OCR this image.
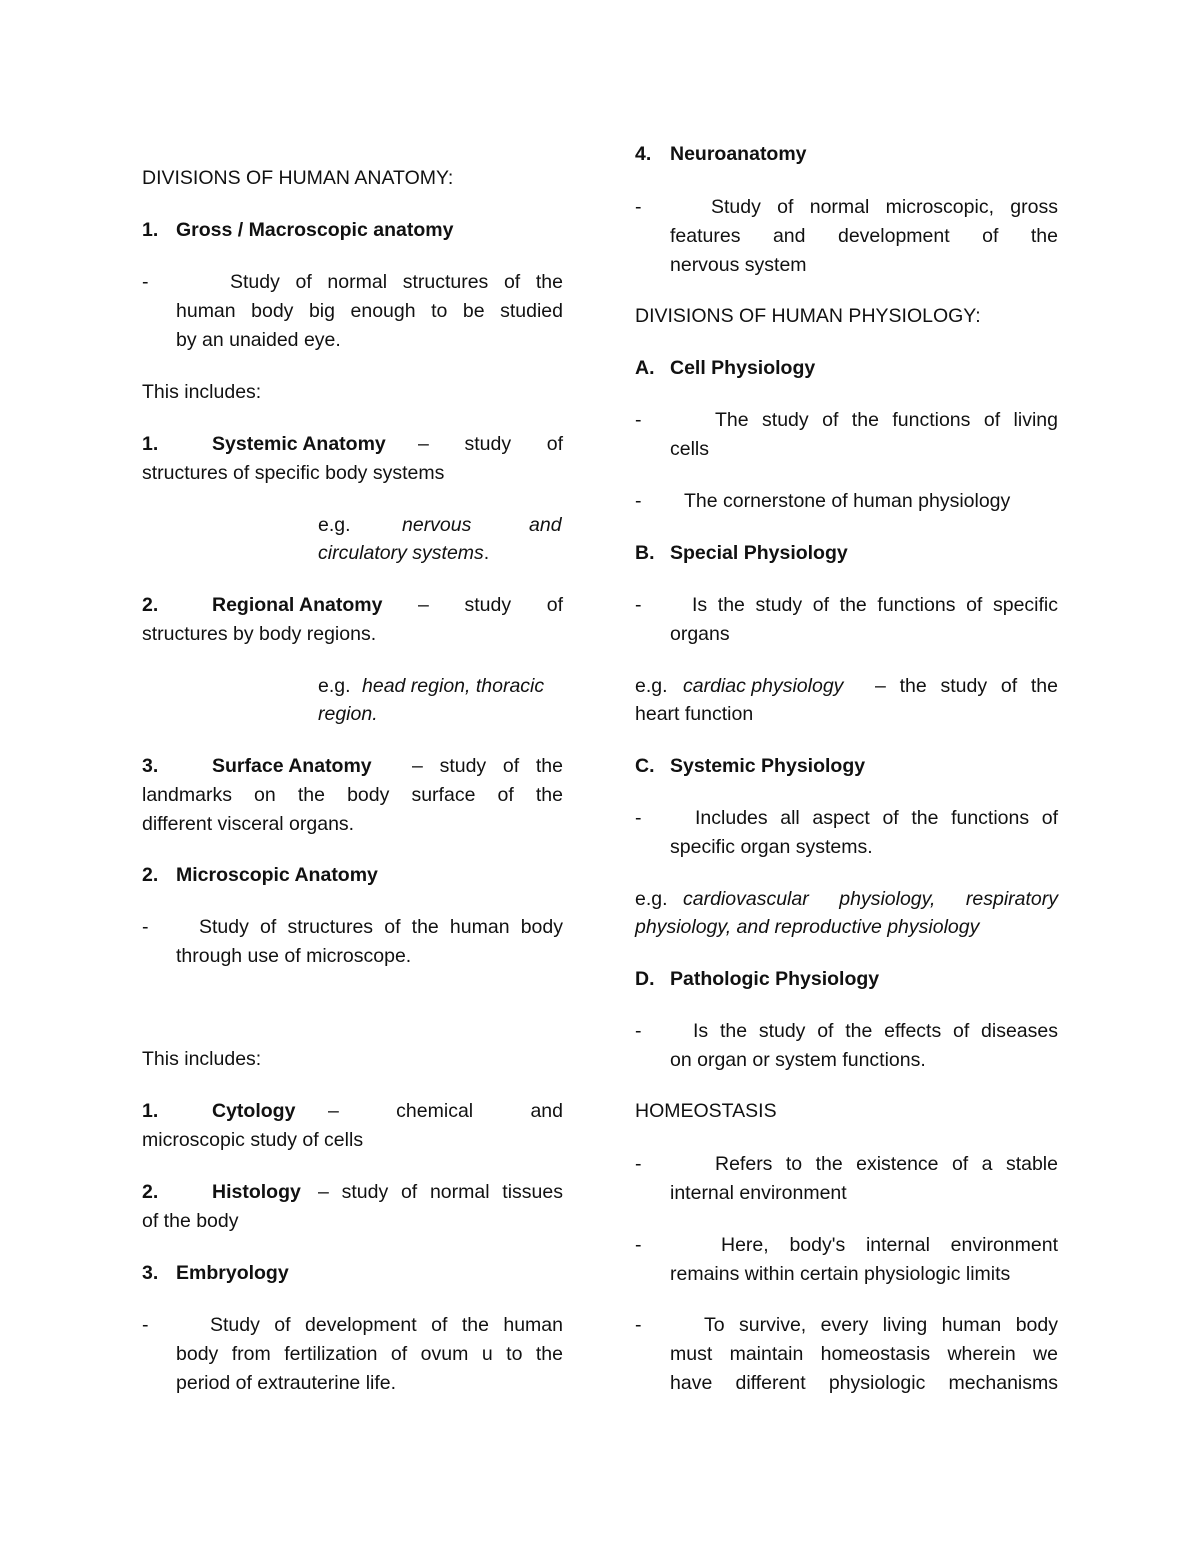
DIVISIONS OF HUMAN ANATOMY:
1. Gross / Macroscopic anatomy
-	Study of normal structures of the
human body big enough to be studied
by an unaided eye.
This includes:
1.	Systemic Anatomy – study of
structures of specific body systems
e.g.	nervous	and
circulatory systems.
2.	Regional Anatomy – study of
structures by body regions.
e.g. head region, thoracic
region.
3.	Surface Anatomy – study of the
landmarks on the body surface of the
different visceral organs.
2. Microscopic Anatomy
-	Study of structures of the human body
through use of microscope.
This includes:
1.	Cytology – chemical and
microscopic study of cells
2.	Histology – study of normal tissues
of the body
3. Embryology
-	Study of development of the human
body from fertilization of ovum u to the
period of extrauterine life.
4. Neuroanatomy
-	Study of normal microscopic, gross
features and development of the
nervous system
DIVISIONS OF HUMAN PHYSIOLOGY:
A. Cell Physiology
-	The study of the functions of living
cells
- The cornerstone of human physiology
B. Special Physiology
-	Is the study of the functions of specific
organs
e.g. cardiac physiology – the study of the
heart function
C. Systemic Physiology
-	Includes all aspect of the functions of
specific organ systems.
e.g. cardiovascular physiology, respiratory
physiology, and reproductive physiology
D. Pathologic Physiology
-	Is the study of the effects of diseases
on organ or system functions.
HOMEOSTASIS
-	Refers to the existence of a stable
internal environment
-	Here, body's internal environment
remains within certain physiologic limits
-	To survive, every living human body
must maintain homeostasis wherein we
have different physiologic mechanisms
